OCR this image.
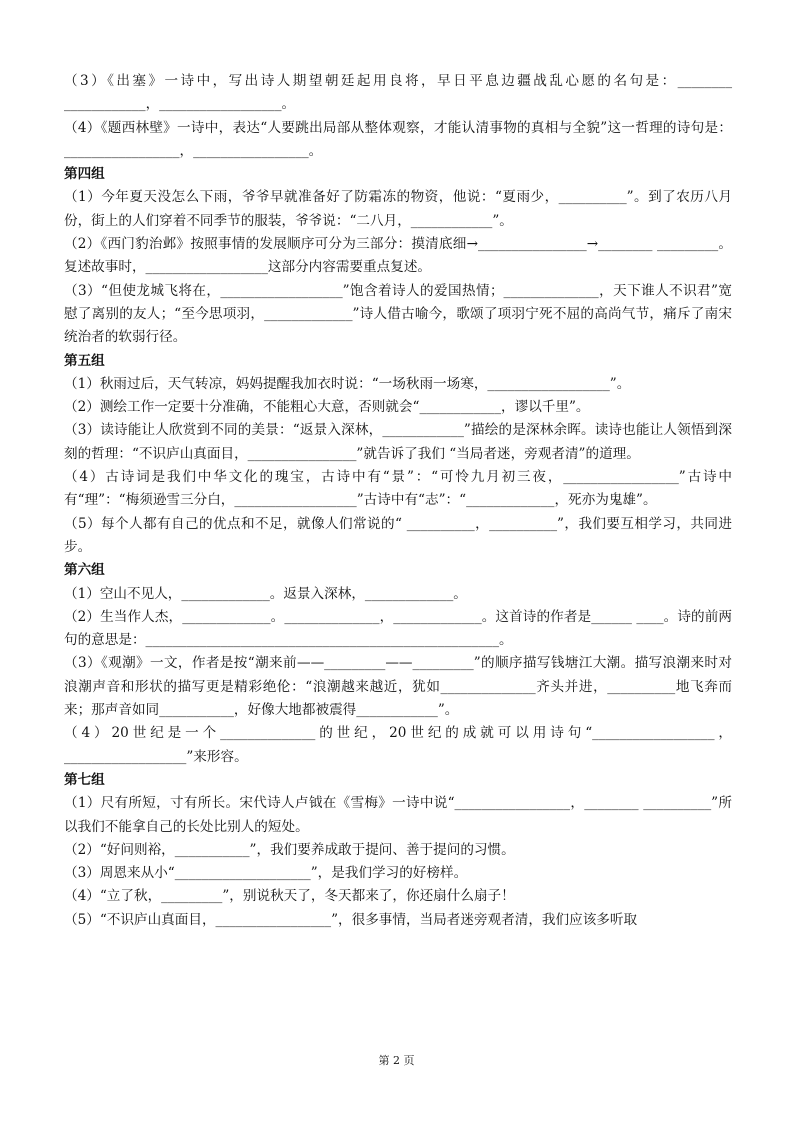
（3）《出塞》一诗中，写出诗人期望朝廷起用良将，早日平息边疆战乱心愿的名句是：________ ____________，__________________。
（4）《题西林壁》一诗中，表达“人要跳出局部从整体观察，才能认清事物的真相与全貌”这一哲理的诗句是：_________________，_________________。
第四组
（1）今年夏天没怎么下雨，爷爷早就准备好了防霜冻的物资，他说：“夏雨少，__________”。到了农历八月份，街上的人们穿着不同季节的服装，爷爷说：“二八月，____________”。
（2）《西门豹治邺》按照事情的发展顺序可分为三部分：摸清底细→________________→________ _________。复述故事时，__________________这部分内容需要重点复述。
（3）“但使龙城飞将在，__________________”饱含着诗人的爱国热情；______________，天下谁人不识君”宽慰了离别的友人；“至今思项羽，_____________”诗人借古喻今，歌颂了项羽宁死不屈的高尚气节，痛斥了南宋统治者的软弱行径。
第五组
（1）秋雨过后，天气转凉，妈妈提醒我加衣时说：“一场秋雨一场寒，__________________”。
（2）测绘工作一定要十分准确，不能粗心大意，否则就会“____________，谬以千里”。
（3）读诗能让人欣赏到不同的美景：“返景入深林，____________”描绘的是深林余晖。读诗也能让人领悟到深刻的哲理：“不识庐山真面目，________________”就告诉了我们 “当局者迷，旁观者清”的道理。
（4）古诗词是我们中华文化的瑰宝，古诗中有“景”：“可怜九月初三夜，_________________”古诗中有“理”：“梅须逊雪三分白，__________________”古诗中有“志”：“_____________，死亦为鬼雄”。
（5）每个人都有自己的优点和不足，就像人们常说的“ __________，__________”，我们要互相学习，共同进步。
第六组
（1）空山不见人，_____________。返景入深林，_____________。
（2）生当作人杰，_____________。______________，_____________。这首诗的作者是______ ____。诗的前两句的意思是：____________________________________________________。
（3）《观潮》一文，作者是按“潮来前——_________——_________”的顺序描写钱塘江大潮。描写浪潮来时对浪潮声音和形状的描写更是精彩绝伦：“浪潮越来越近，犹如______________齐头并进，__________地飞奔而来；那声音如同___________，好像大地都被震得____________”。
（4）20世纪是一个______________的世纪，20世纪的成就可以用诗句“__________________，__________________”来形容。
第七组
（1）尺有所短，寸有所长。宋代诗人卢钺在《雪梅》一诗中说“_________________，________ __________”所以我们不能拿自己的长处比别人的短处。
（2）“好问则裕，___________”，我们要养成敢于提问、善于提问的习惯。
（3）周恩来从小“____________________”，是我们学习的好榜样。
（4）“立了秋，_________”，别说秋天了，冬天都来了，你还扇什么扇子！
（5）“不识庐山真面目，_________________”，很多事情，当局者迷旁观者清，我们应该多听取
第 2 页
